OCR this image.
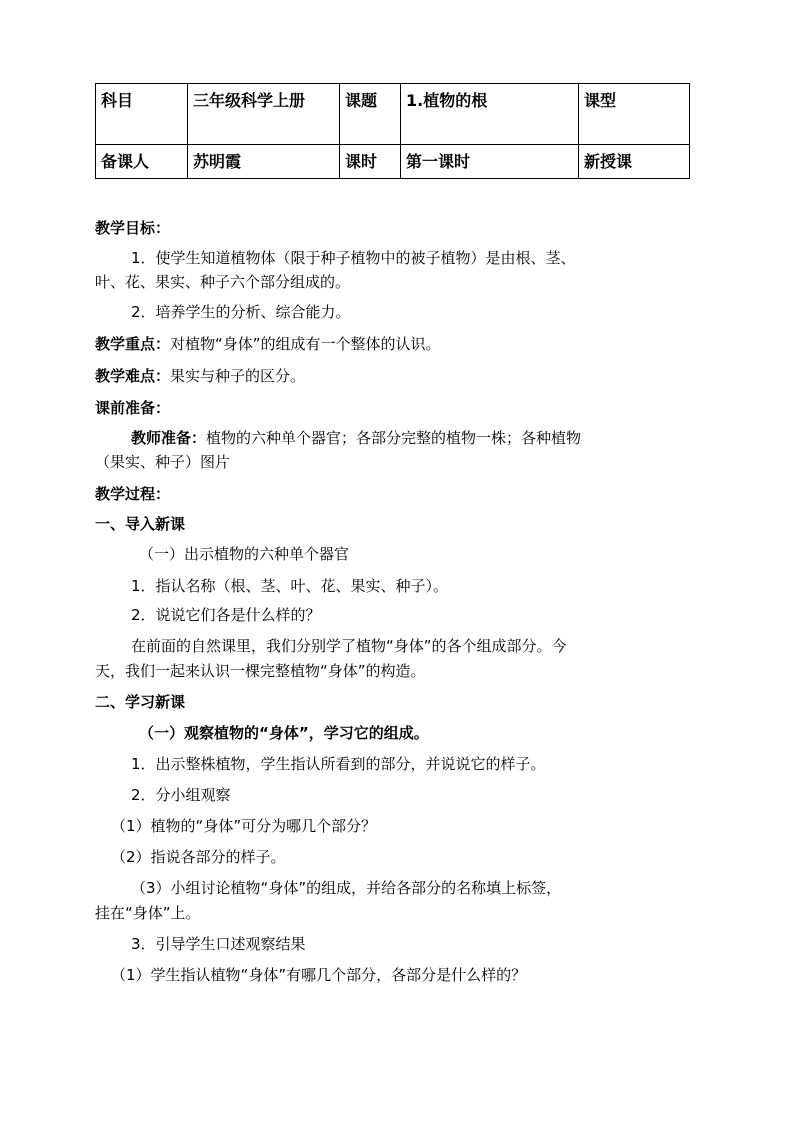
科目	三年级科学上册	课题	1.植物的根	课型
备课人	苏明霞	课时	第一课时	新授课
教学目标：
1．使学生知道植物体（限于种子植物中的被子植物）是由根、茎、
叶、花、果实、种子六个部分组成的。
2．培养学生的分析、综合能力。
教学重点：对植物“身体”的组成有一个整体的认识。
教学难点：果实与种子的区分。
课前准备：
教师准备：植物的六种单个器官；各部分完整的植物一株；各种植物
（果实、种子）图片
教学过程：
一、导入新课
（一）出示植物的六种单个器官
1．指认名称（根、茎、叶、花、果实、种子）。
2．说说它们各是什么样的？
在前面的自然课里，我们分别学了植物“身体”的各个组成部分。今
天，我们一起来认识一棵完整植物“身体”的构造。
二、学习新课
（一）观察植物的“身体”，学习它的组成。
1．出示整株植物，学生指认所看到的部分，并说说它的样子。
2．分小组观察
（1）植物的“身体”可分为哪几个部分？
（2）指说各部分的样子。
（3）小组讨论植物“身体”的组成，并给各部分的名称填上标签，
挂在“身体”上。
3．引导学生口述观察结果
（1）学生指认植物“身体”有哪几个部分，各部分是什么样的？
